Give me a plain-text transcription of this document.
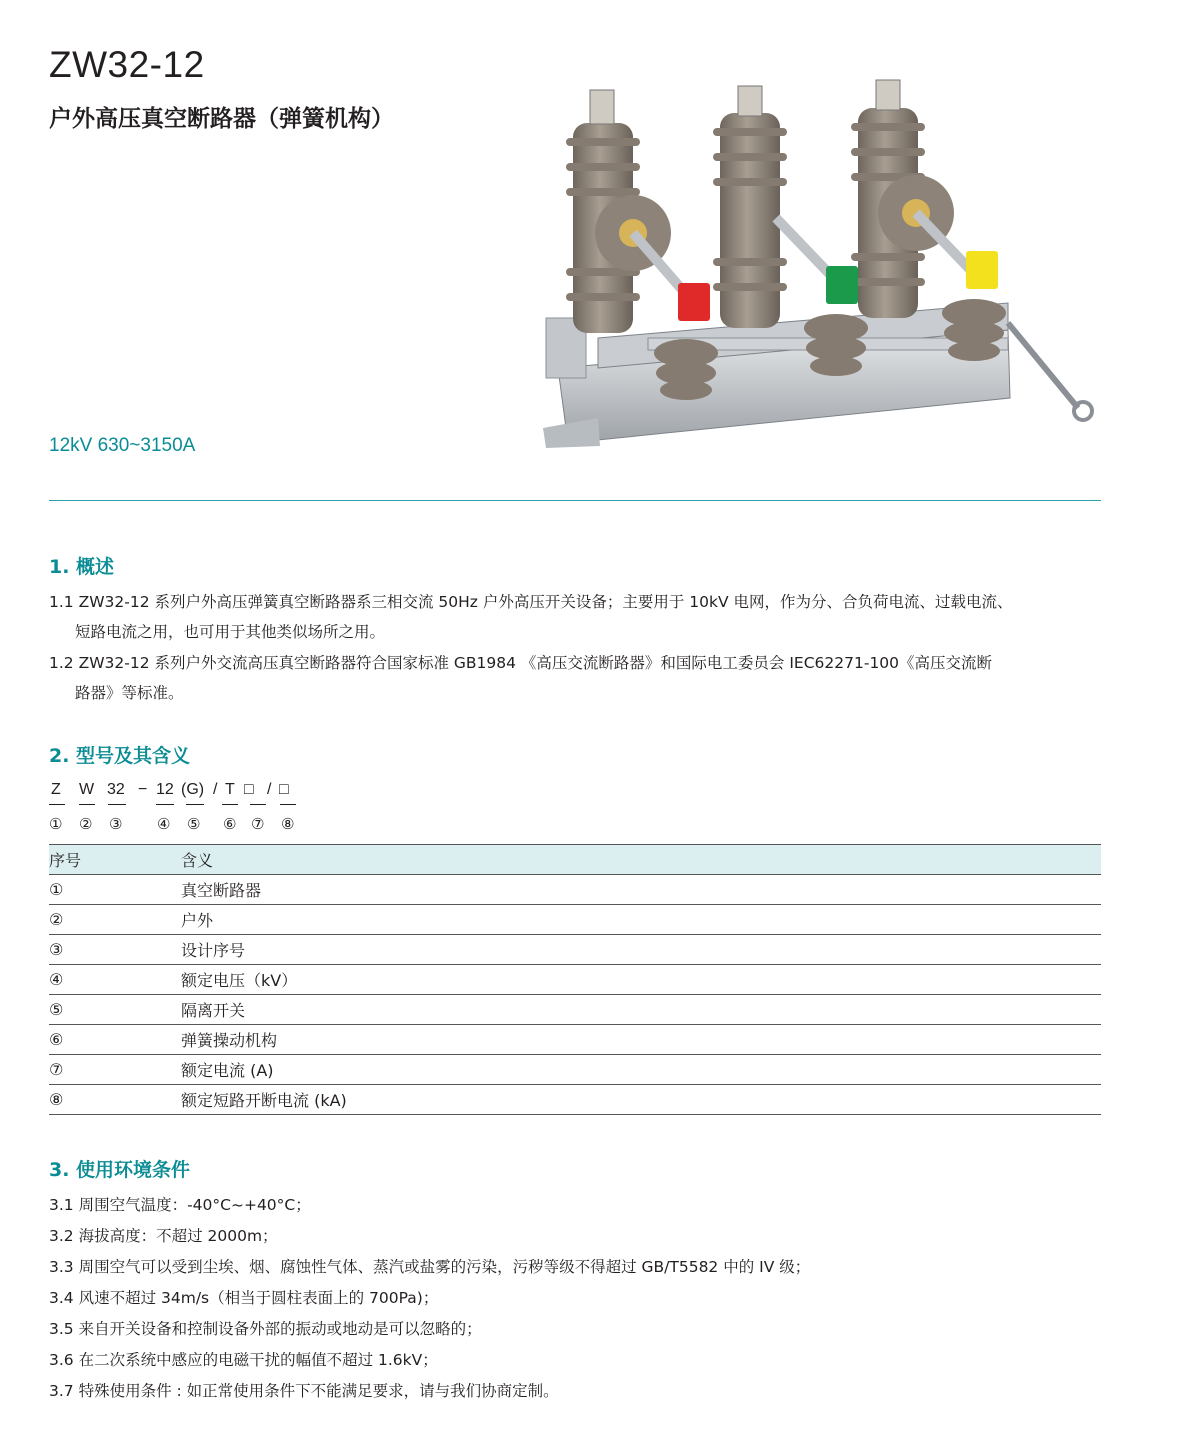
ZW32-12
户外高压真空断路器（弹簧机构）
12kV 630~3150A
1. 概述
1.1 ZW32-12 系列户外高压弹簧真空断路器系三相交流 50Hz 户外高压开关设备；主要用于 10kV 电网，作为分、合负荷电流、过载电流、
短路电流之用，也可用于其他类似场所之用。
1.2 ZW32-12 系列户外交流高压真空断路器符合国家标准 GB1984 《高压交流断路器》和国际电工委员会 IEC62271-100《高压交流断
路器》等标准。
2. 型号及其含义
Z W 32 − 12 (G) / T □ / □
① ② ③ ④ ⑤ ⑥ ⑦ ⑧
序号	含义
①	真空断路器
②	户外
③	设计序号
④	额定电压（kV）
⑤	隔离开关
⑥	弹簧操动机构
⑦	额定电流 (A)
⑧	额定短路开断电流 (kA)
3. 使用环境条件
3.1 周围空气温度：-40°C~+40°C；
3.2 海拔高度：不超过 2000m；
3.3 周围空气可以受到尘埃、烟、腐蚀性气体、蒸汽或盐雾的污染，污秽等级不得超过 GB/T5582 中的 IV 级；
3.4 风速不超过 34m/s（相当于圆柱表面上的 700Pa)；
3.5 来自开关设备和控制设备外部的振动或地动是可以忽略的；
3.6 在二次系统中感应的电磁干扰的幅值不超过 1.6kV；
3.7 特殊使用条件 : 如正常使用条件下不能满足要求，请与我们协商定制。
